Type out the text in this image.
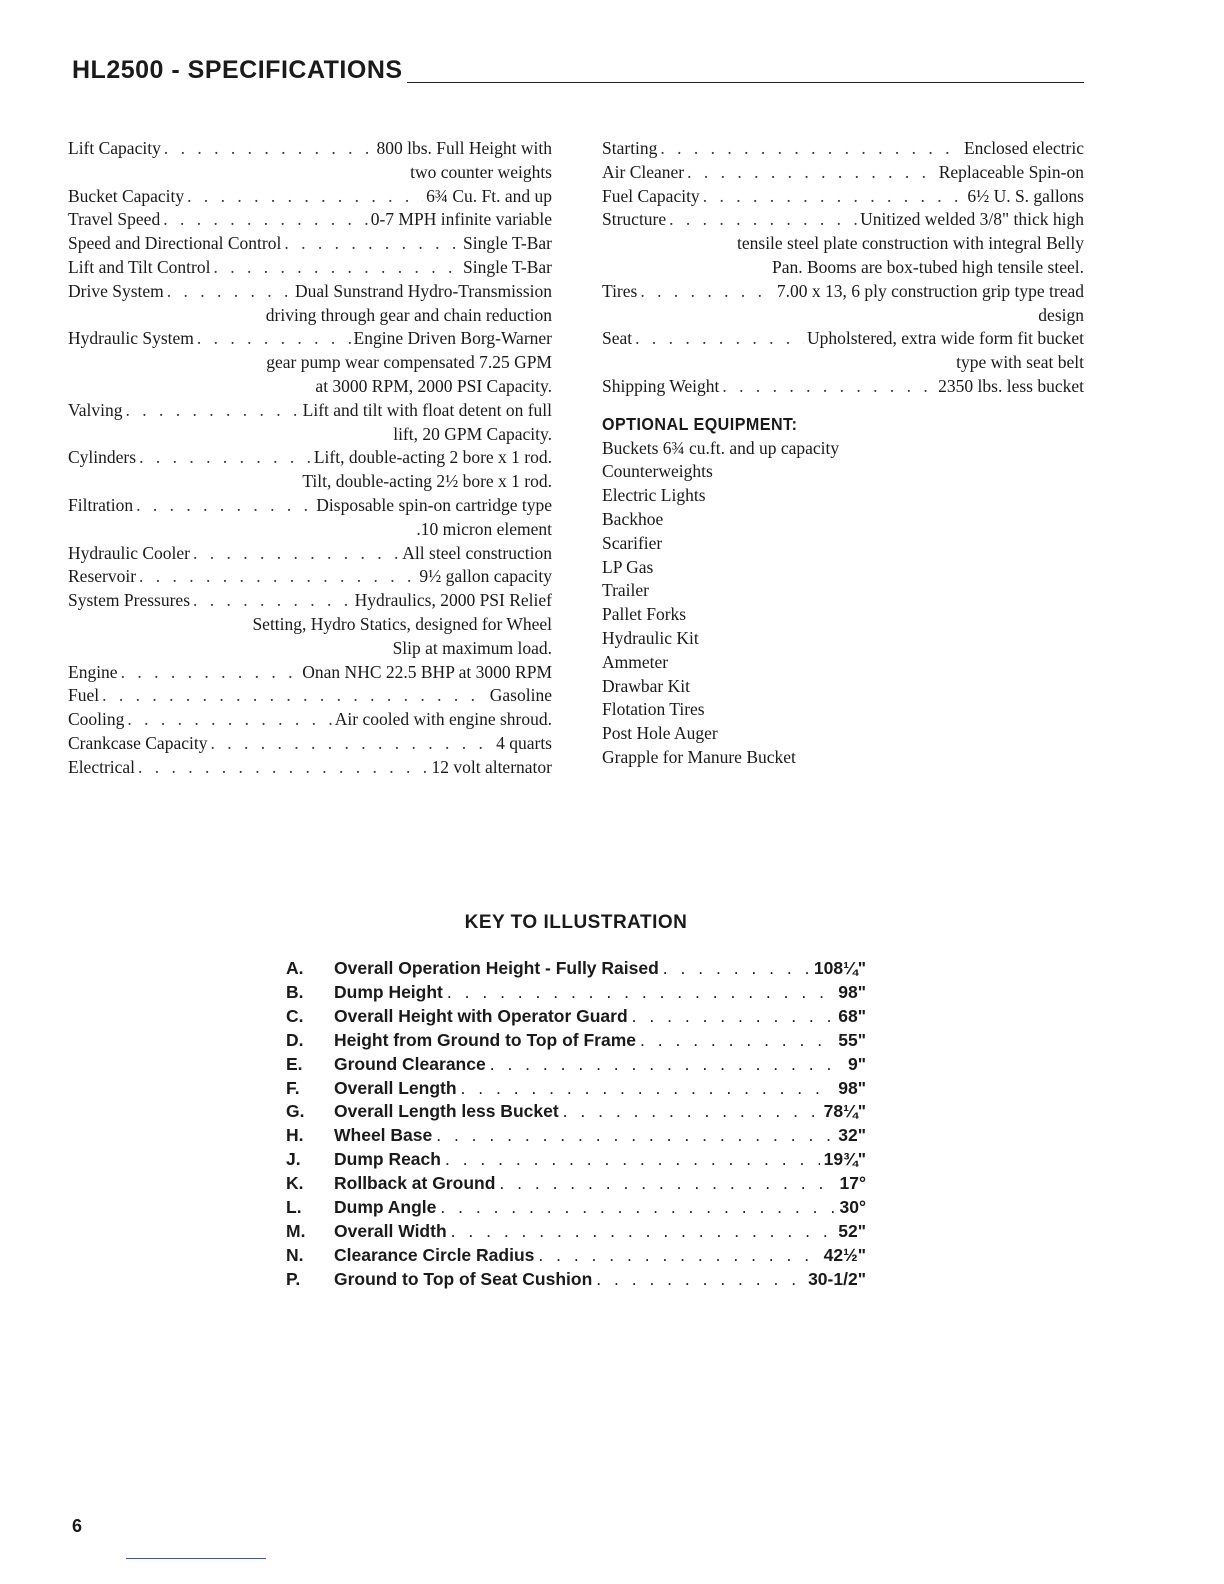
HL2500 - SPECIFICATIONS
Lift Capacity . . .	800 lbs. Full Height with
two counter weights
Bucket Capacity . . .	6¾ Cu. Ft. and up
Travel Speed . . .	0-7 MPH infinite variable
Speed and Directional Control . . .	Single T-Bar
Lift and Tilt Control . . .	Single T-Bar
Drive System . . .	Dual Sunstrand Hydro-Transmission
driving through gear and chain reduction
Hydraulic System . . .	Engine Driven Borg-Warner
gear pump wear compensated 7.25 GPM
at 3000 RPM, 2000 PSI Capacity.
Valving . . .	Lift and tilt with float detent on full
lift, 20 GPM Capacity.
Cylinders . . .	Lift, double-acting 2 bore x 1 rod.
Tilt, double-acting 2½ bore x 1 rod.
Filtration . . .	Disposable spin-on cartridge type
.10 micron element
Hydraulic Cooler . . .	All steel construction
Reservoir . . .	9½ gallon capacity
System Pressures . . .	Hydraulics, 2000 PSI Relief
Setting, Hydro Statics, designed for Wheel
Slip at maximum load.
Engine . . .	Onan NHC 22.5 BHP at 3000 RPM
Fuel . . .	Gasoline
Cooling . . .	Air cooled with engine shroud.
Crankcase Capacity . . .	4 quarts
Electrical . . .	12 volt alternator
Starting . . .	Enclosed electric
Air Cleaner . . .	Replaceable Spin-on
Fuel Capacity . . .	6½ U. S. gallons
Structure . . .	Unitized welded 3/8" thick high
tensile steel plate construction with integral Belly
Pan. Booms are box-tubed high tensile steel.
Tires . . .	7.00 x 13, 6 ply construction grip type tread
design
Seat . . .	Upholstered, extra wide form fit bucket
type with seat belt
Shipping Weight . . .	2350 lbs. less bucket
OPTIONAL EQUIPMENT:
Buckets 6¾ cu.ft. and up capacity
Counterweights
Electric Lights
Backhoe
Scarifier
LP Gas
Trailer
Pallet Forks
Hydraulic Kit
Ammeter
Drawbar Kit
Flotation Tires
Post Hole Auger
Grapple for Manure Bucket
KEY TO ILLUSTRATION
A.	Overall Operation Height - Fully Raised . . .	108¼"
B.	Dump Height . . .	98"
C.	Overall Height with Operator Guard . . .	68"
D.	Height from Ground to Top of Frame . . .	55"
E.	Ground Clearance . . .	9"
F.	Overall Length . . .	98"
G.	Overall Length less Bucket . . .	78¼"
H.	Wheel Base . . .	32"
J.	Dump Reach . . .	19¾"
K.	Rollback at Ground . . .	17°
L.	Dump Angle . . .	30°
M.	Overall Width . . .	52"
N.	Clearance Circle Radius . . .	42½"
P.	Ground to Top of Seat Cushion . . .	30-1/2"
6
